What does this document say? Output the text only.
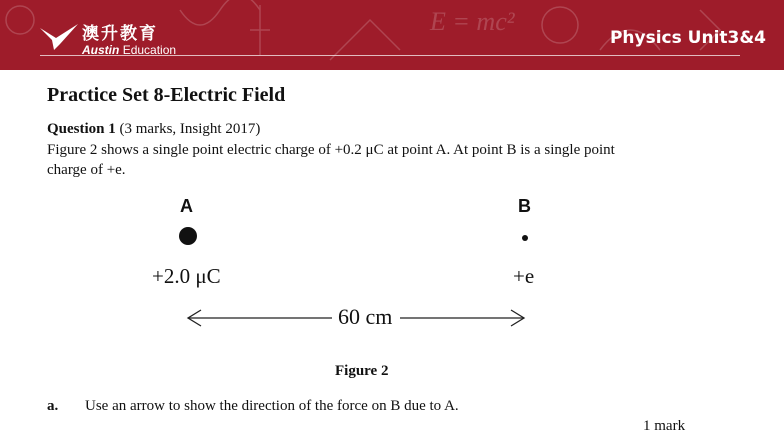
E = mc²
澳升教育
Austin Education
Physics Unit3&4
Practice Set 8-Electric Field
Question 1 (3 marks, Insight 2017)
Figure 2 shows a single point electric charge of +0.2 μC at point A. At point B is a single point charge of +e.
A	B
+2.0 μC	+e
60 cm
Figure 2
a. Use an arrow to show the direction of the force on B due to A.
1 mark
